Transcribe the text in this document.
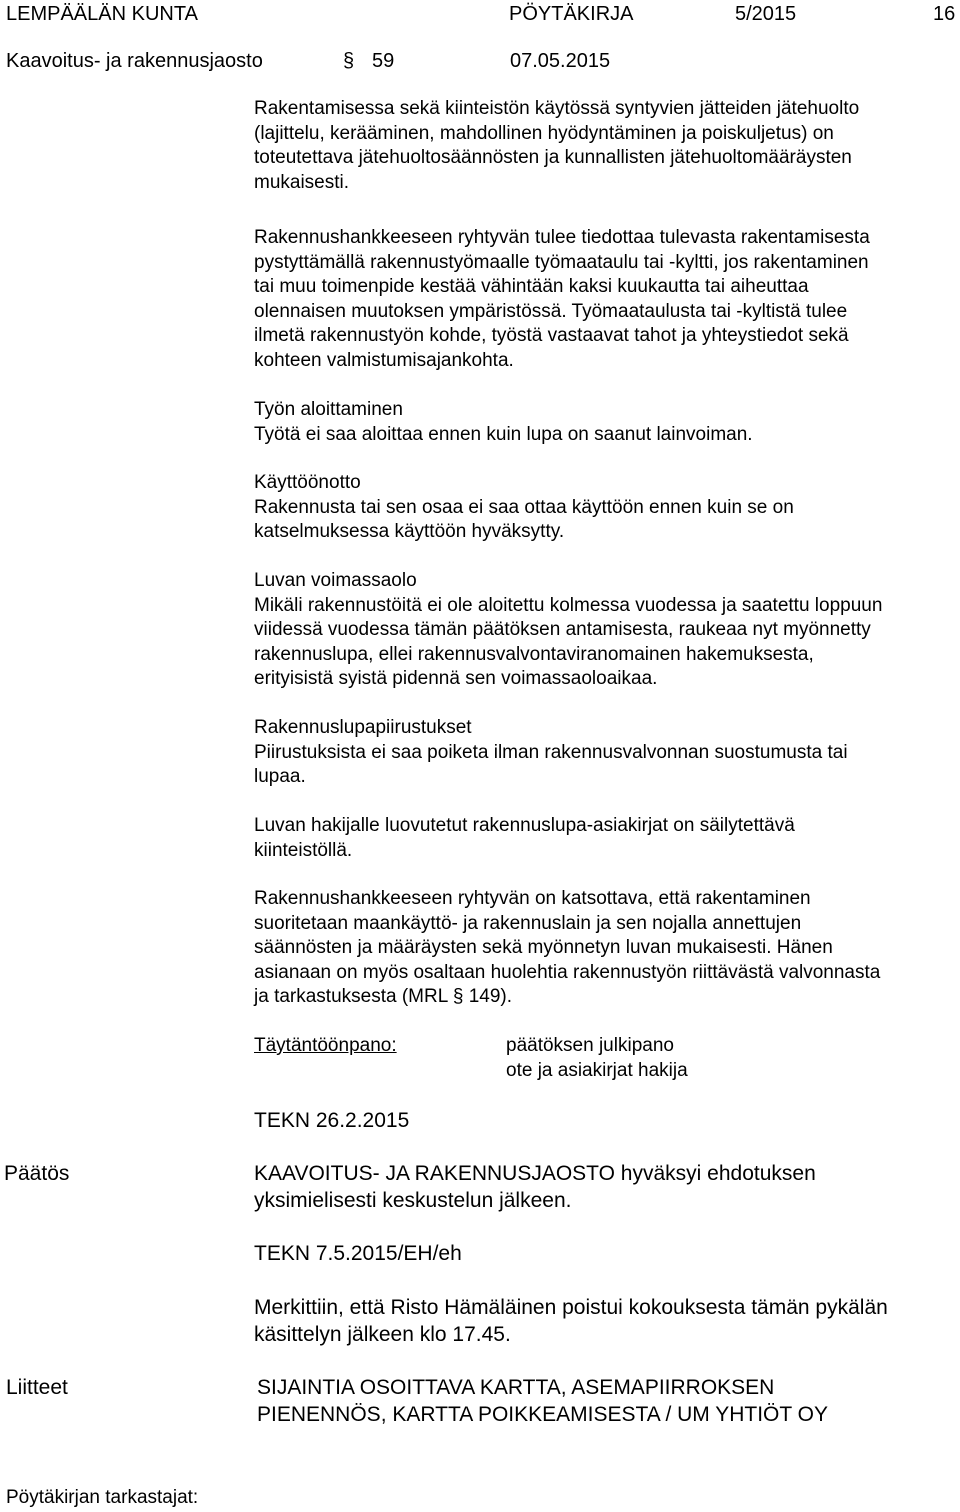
LEMPÄÄLÄN KUNTA	PÖYTÄKIRJA	5/2015	16
Kaavoitus- ja rakennusjaosto	§ 59	07.05.2015
Rakentamisessa sekä kiinteistön käytössä syntyvien jätteiden jätehuolto
(lajittelu, kerääminen, mahdollinen hyödyntäminen ja poiskuljetus) on
toteutettava jätehuoltosäännösten ja kunnallisten jätehuoltomääräysten
mukaisesti.
Rakennushankkeeseen ryhtyvän tulee tiedottaa tulevasta rakentamisesta
pystyttämällä rakennustyömaalle työmaataulu tai -kyltti, jos rakentaminen
tai muu toimenpide kestää vähintään kaksi kuukautta tai aiheuttaa
olennaisen muutoksen ympäristössä. Työmaataulusta tai -kyltistä tulee
ilmetä rakennustyön kohde, työstä vastaavat tahot ja yhteystiedot sekä
kohteen valmistumisajankohta.
Työn aloittaminen
Työtä ei saa aloittaa ennen kuin lupa on saanut lainvoiman.
Käyttöönotto
Rakennusta tai sen osaa ei saa ottaa käyttöön ennen kuin se on
katselmuksessa käyttöön hyväksytty.
Luvan voimassaolo
Mikäli rakennustöitä ei ole aloitettu kolmessa vuodessa ja saatettu loppuun
viidessä vuodessa tämän päätöksen antamisesta, raukeaa nyt myönnetty
rakennuslupa, ellei rakennusvalvontaviranomainen hakemuksesta,
erityisistä syistä pidennä sen voimassaoloaikaa.
Rakennuslupapiirustukset
Piirustuksista ei saa poiketa ilman rakennusvalvonnan suostumusta tai
lupaa.
Luvan hakijalle luovutetut rakennuslupa-asiakirjat on säilytettävä
kiinteistöllä.
Rakennushankkeeseen ryhtyvän on katsottava, että rakentaminen
suoritetaan maankäyttö- ja rakennuslain ja sen nojalla annettujen
säännösten ja määräysten sekä myönnetyn luvan mukaisesti. Hänen
asianaan on myös osaltaan huolehtia rakennustyön riittävästä valvonnasta
ja tarkastuksesta (MRL § 149).
Täytäntöönpano:	päätöksen julkipano
ote ja asiakirjat hakija
TEKN 26.2.2015
Päätös	KAAVOITUS- JA RAKENNUSJAOSTO hyväksyi ehdotuksen
yksimielisesti keskustelun jälkeen.
TEKN 7.5.2015/EH/eh
Merkittiin, että Risto Hämäläinen poistui kokouksesta tämän pykälän
käsittelyn jälkeen klo 17.45.
Liitteet	SIJAINTIA OSOITTAVA KARTTA, ASEMAPIIRROKSEN
PIENENNÖS, KARTTA POIKKEAMISESTA / UM YHTIÖT OY
Pöytäkirjan tarkastajat:
